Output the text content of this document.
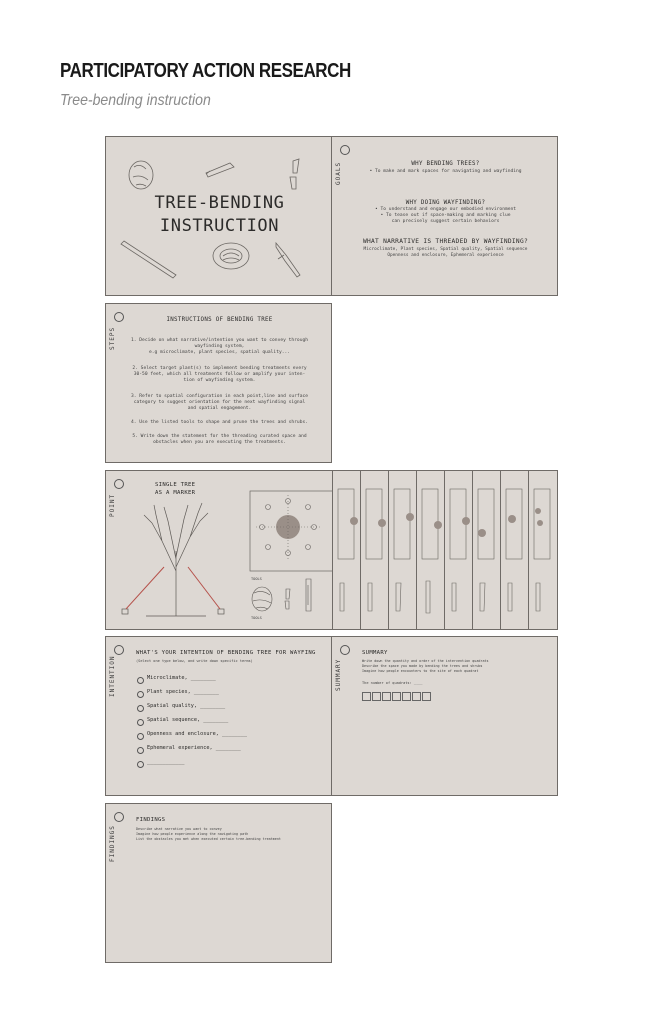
PARTICIPATORY ACTION RESEARCH
Tree-bending instruction
TREE-BENDING
INSTRUCTION
GOALS	WHY BENDING TREES?
• To make and mark spaces for navigating and wayfinding
WHY DOING WAYFINDING?
• To understand and engage our embodied environment
• To tease out if space-making and marking clue
can precisely suggest certain behaviors
WHAT NARRATIVE IS THREADED BY WAYFINDING?
Microclimate, Plant species, Spatial quality, Spatial sequence
Openness and enclosure, Ephemeral experience
STEPS
INSTRUCTIONS OF BENDING TREE
1. Decide on what narrative/intention you want to convey through
wayfinding system,
e.g microclimate, plant species, spatial quality...
2. Select target plant(s) to implement bending treatments every
30-50 feet, which all treatments follow or amplify your inten-
tion of wayfinding system.
3. Refer to spatial configuration in each point,line and surface
category to suggest orientation for the next wayfinding signal
and spatial engagement.
4. Use the listed tools to shape and prune the trees and shrubs.
5. Write down the statement for the threading curated space and
obstacles when you are executing the treatments.
POINT
SINGLE TREE
AS A MARKER
TOOLS
TOOLS
INTENTION
WHAT'S YOUR INTENTION OF BENDING TREE FOR WAYFING
(Select one type below, and write down specific terms)
Microclimate, ________
Plant species, ________
Spatial quality, ________
Spatial sequence, ________
Openness and enclosure, ________
Ephemeral experience, ________
____________
SUMMARY
SUMMARY
Write down the quantity and order of the intervention quadrats
Describe the space you made by bending the trees and shrubs
Imagine how people encounters to the site of each quadrat
The number of quadrats: ____
FINDINGS
FINDINGS
Describe what narrative you want to convey
Imagine how people experience along the navigating path
List the obstacles you met when executed certain tree-bending treatment
